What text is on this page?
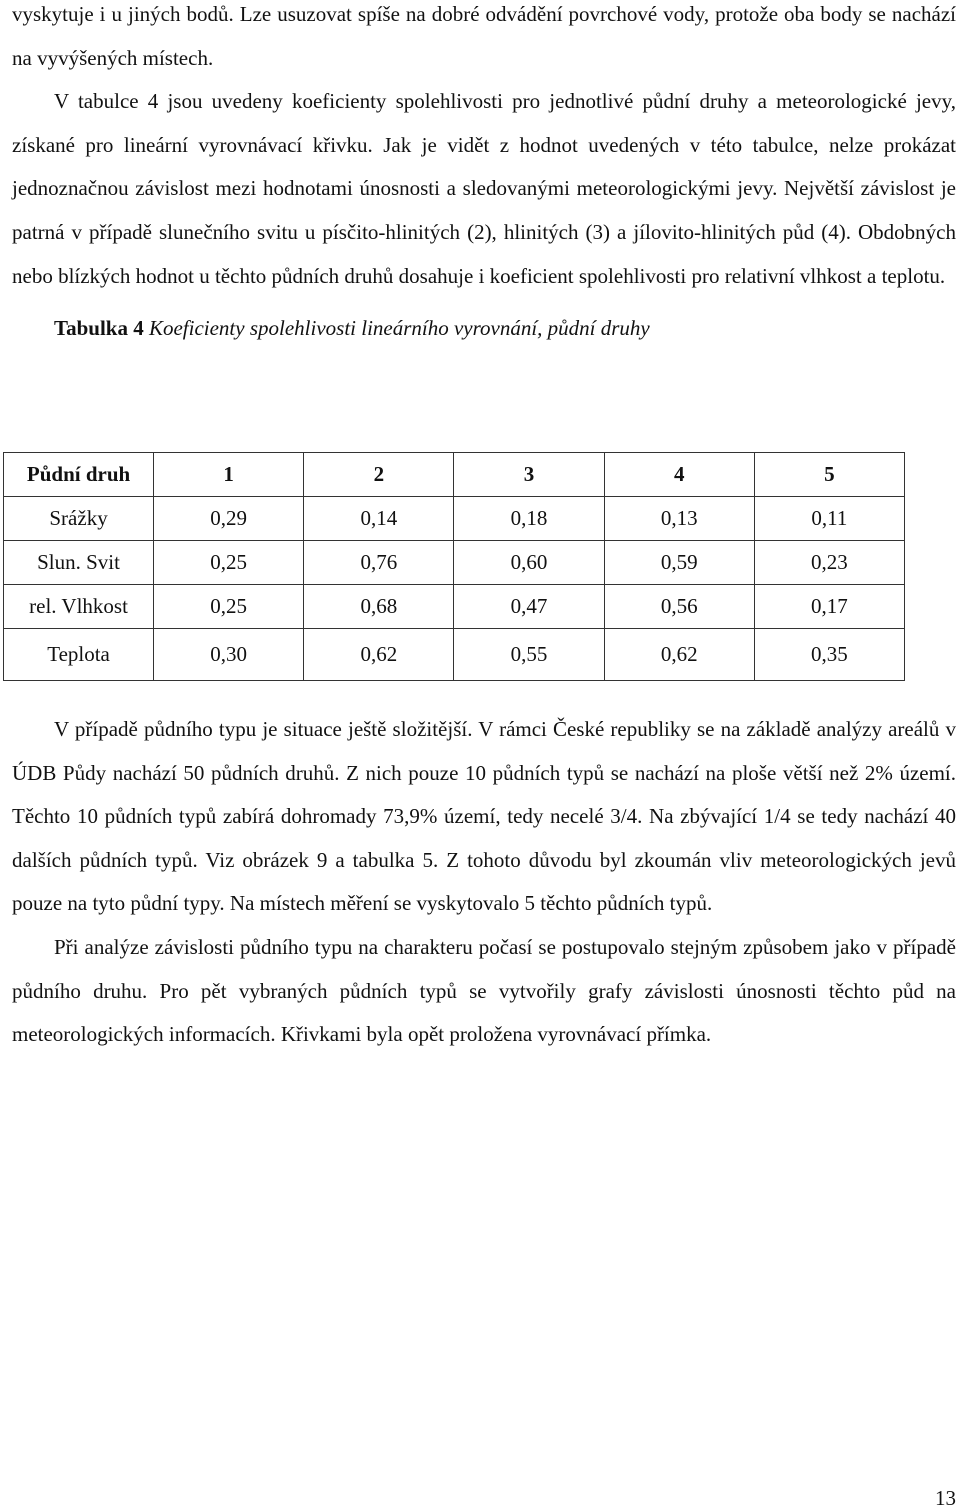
vyskytuje i u jiných bodů. Lze usuzovat spíše na dobré odvádění povrchové vody, protože oba body se nachází na vyvýšených místech.

V tabulce 4 jsou uvedeny koeficienty spolehlivosti pro jednotlivé půdní druhy a meteorologické jevy, získané pro lineární vyrovnávací křivku. Jak je vidět z hodnot uvedených v této tabulce, nelze prokázat jednoznačnou závislost mezi hodnotami únosnosti a sledovanými meteorologickými jevy. Největší závislost je patrná v případě slunečního svitu u písčito-hlinitých (2), hlinitých (3) a jílovito-hlinitých půd (4). Obdobných nebo blízkých hodnot u těchto půdních druhů dosahuje i koeficient spolehlivosti pro relativní vlhkost a teplotu.

Tabulka 4 Koeficienty spolehlivosti lineárního vyrovnání, půdní druhy

Půdní druh	1	2	3	4	5
Srážky	0,29	0,14	0,18	0,13	0,11
Slun. Svit	0,25	0,76	0,60	0,59	0,23
rel. Vlhkost	0,25	0,68	0,47	0,56	0,17
Teplota	0,30	0,62	0,55	0,62	0,35

V případě půdního typu je situace ještě složitější. V rámci České republiky se na základě analýzy areálů v ÚDB Půdy nachází 50 půdních druhů. Z nich pouze 10 půdních typů se nachází na ploše větší než 2% území. Těchto 10 půdních typů zabírá dohromady 73,9% území, tedy necelé 3/4. Na zbývající 1/4 se tedy nachází 40 dalších půdních typů. Viz obrázek 9 a tabulka 5. Z tohoto důvodu byl zkoumán vliv meteorologických jevů pouze na tyto půdní typy. Na místech měření se vyskytovalo 5 těchto půdních typů.

Při analýze závislosti půdního typu na charakteru počasí se postupovalo stejným způsobem jako v případě půdního druhu. Pro pět vybraných půdních typů se vytvořily grafy závislosti únosnosti těchto půd na meteorologických informacích. Křivkami byla opět proložena vyrovnávací přímka.

13
